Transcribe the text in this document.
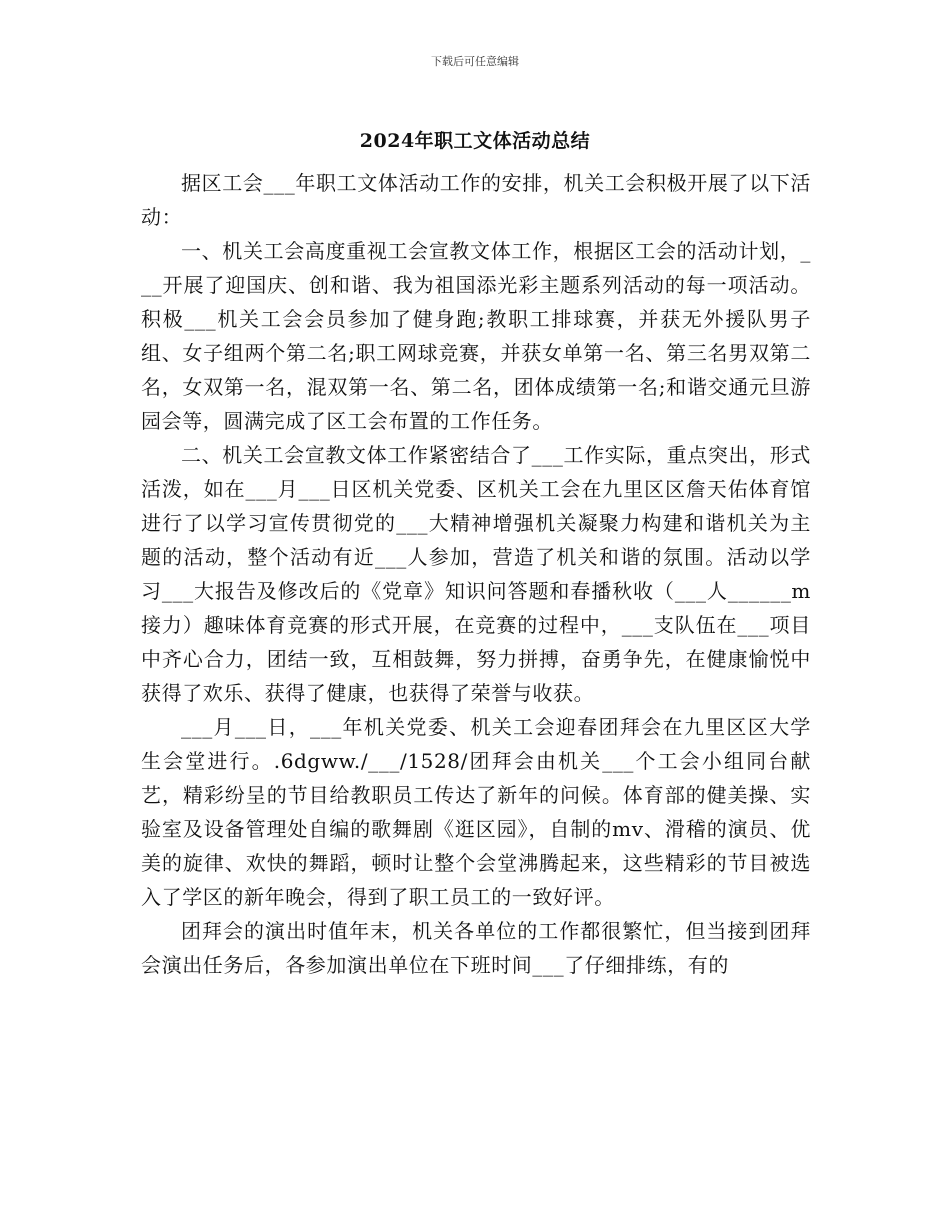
下载后可任意编辑
2024年职工文体活动总结

据区工会___年职工文体活动工作的安排，机关工会积极开展了以下活动：

一、机关工会高度重视工会宣教文体工作，根据区工会的活动计划，___开展了迎国庆、创和谐、我为祖国添光彩主题系列活动的每一项活动。积极___机关工会会员参加了健身跑;教职工排球赛，并获无外援队男子组、女子组两个第二名;职工网球竞赛，并获女单第一名、第三名男双第二名，女双第一名，混双第一名、第二名，团体成绩第一名;和谐交通元旦游园会等，圆满完成了区工会布置的工作任务。

二、机关工会宣教文体工作紧密结合了___工作实际，重点突出，形式活泼，如在___月___日区机关党委、区机关工会在九里区区詹天佑体育馆进行了以学习宣传贯彻党的___大精神增强机关凝聚力构建和谐机关为主题的活动，整个活动有近___人参加，营造了机关和谐的氛围。活动以学习___大报告及修改后的《党章》知识问答题和春播秋收（___人______m接力）趣味体育竞赛的形式开展，在竞赛的过程中，___支队伍在___项目中齐心合力，团结一致，互相鼓舞，努力拼搏，奋勇争先，在健康愉悦中获得了欢乐、获得了健康，也获得了荣誉与收获。

___月___日，___年机关党委、机关工会迎春团拜会在九里区区大学生会堂进行。.6dgww./___/1528/团拜会由机关___个工会小组同台献艺，精彩纷呈的节目给教职员工传达了新年的问候。体育部的健美操、实验室及设备管理处自编的歌舞剧《逛区园》，自制的mv、滑稽的演员、优美的旋律、欢快的舞蹈，顿时让整个会堂沸腾起来，这些精彩的节目被选入了学区的新年晚会，得到了职工员工的一致好评。

团拜会的演出时值年末，机关各单位的工作都很繁忙，但当接到团拜会演出任务后，各参加演出单位在下班时间___了仔细排练，有的
